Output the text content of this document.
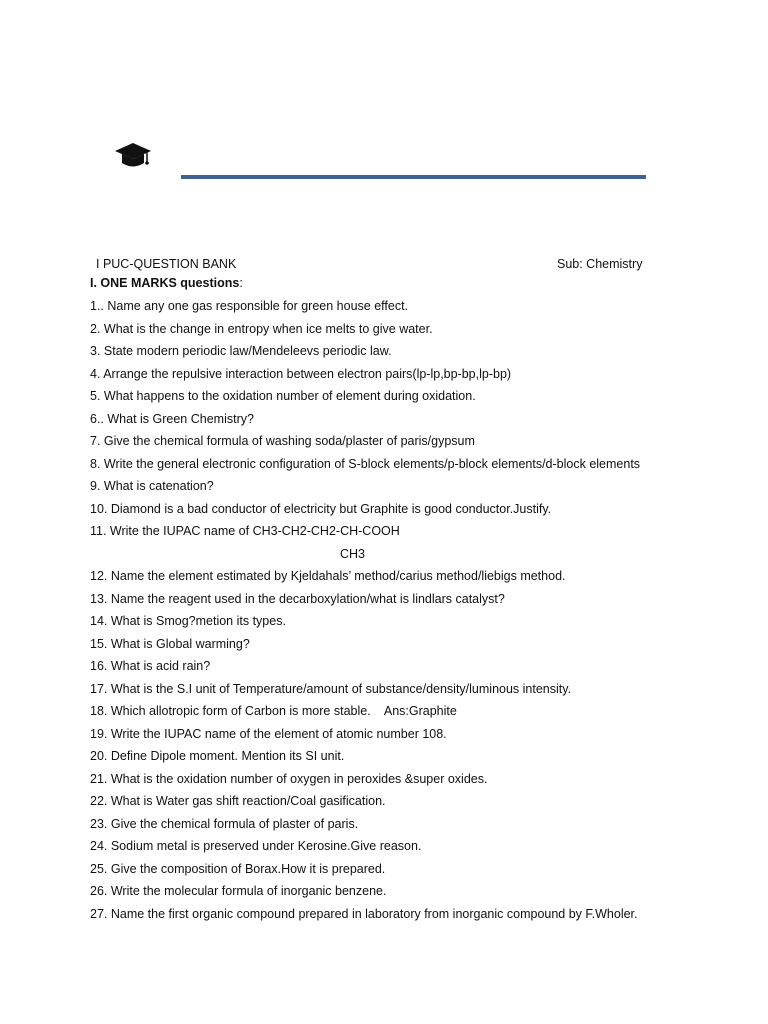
I PUC-QUESTION BANK	Sub: Chemistry
I. ONE MARKS questions:
1.. Name any one gas responsible for green house effect.
2. What is the change in entropy when ice melts to give water.
3. State modern periodic law/Mendeleevs periodic law.
4. Arrange the repulsive interaction between electron pairs(lp-lp,bp-bp,lp-bp)
5. What happens to the oxidation number of element during oxidation.
6.. What is Green Chemistry?
7. Give the chemical formula of washing soda/plaster of paris/gypsum
8. Write the general electronic configuration of S-block elements/p-block elements/d-block elements
9. What is catenation?
10. Diamond is a bad conductor of electricity but Graphite is good conductor.Justify.
11. Write the IUPAC name of CH3-CH2-CH2-CH-COOH
CH3
12. Name the element estimated by Kjeldahals’ method/carius method/liebigs method.
13. Name the reagent used in the decarboxylation/what is lindlars catalyst?
14. What is Smog?metion its types.
15. What is Global warming?
16. What is acid rain?
17. What is the S.I unit of Temperature/amount of substance/density/luminous intensity.
18. Which allotropic form of Carbon is more stable.    Ans:Graphite
19. Write the IUPAC name of the element of atomic number 108.
20. Define Dipole moment. Mention its SI unit.
21. What is the oxidation number of oxygen in peroxides &super oxides.
22. What is Water gas shift reaction/Coal gasification.
23. Give the chemical formula of plaster of paris.
24. Sodium metal is preserved under Kerosine.Give reason.
25. Give the composition of Borax.How it is prepared.
26. Write the molecular formula of inorganic benzene.
27. Name the first organic compound prepared in laboratory from inorganic compound by F.Wholer.
